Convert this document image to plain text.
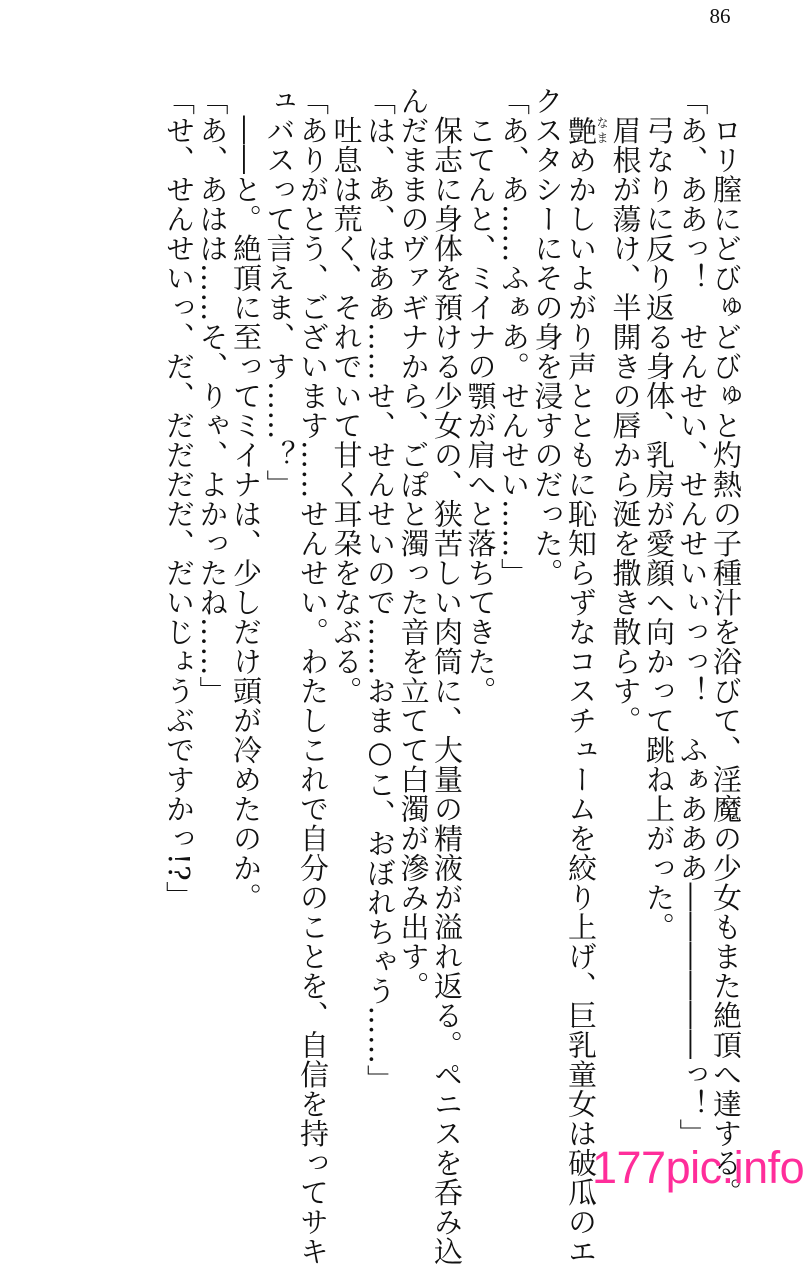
86

　ロリ膣にどびゅどびゅと灼熱の子種汁を浴びて、淫魔の少女もまた絶頂へ達する。

「あ、ああっ！　せんせい、せんせいぃっっ！　ふぁあああ――――――っ！」

　弓なりに反り返る身体、乳房が愛顔へ向かって跳ね上がった。

　眉根が蕩け、半開きの唇から涎を撒き散らす。

　艶なまめかしいよがり声とともに恥知らずなコスチュームを絞り上げ、巨乳童女は破瓜のエ

クスタシーにその身を浸すのだった。

「あ、あ……ふぁあ。せんせい……」

　こてんと、ミイナの顎が肩へと落ちてきた。

　保志に身体を預ける少女の、狭苦しい肉筒に、大量の精液が溢れ返る。ペニスを呑み込

んだままのヴァギナから、ごぽと濁った音を立てて白濁が滲み出す。

「は、あ、はああ……せ、せんせいので……おま○こ、おぼれちゃう……」

　吐息は荒く、それでいて甘く耳朶をなぶる。

「ありがとう、ございます……せんせい。わたしこれで自分のことを、自信を持ってサキ

ュバスって言えま、す……？」

　――と。絶頂に至ってミイナは、少しだけ頭が冷めたのか。

「あ、あはは……そ、りゃ、よかったね……」

「せ、せんせいっ、だ、だだだだ、だいじょうぶですかっ!?」

177pic.info
